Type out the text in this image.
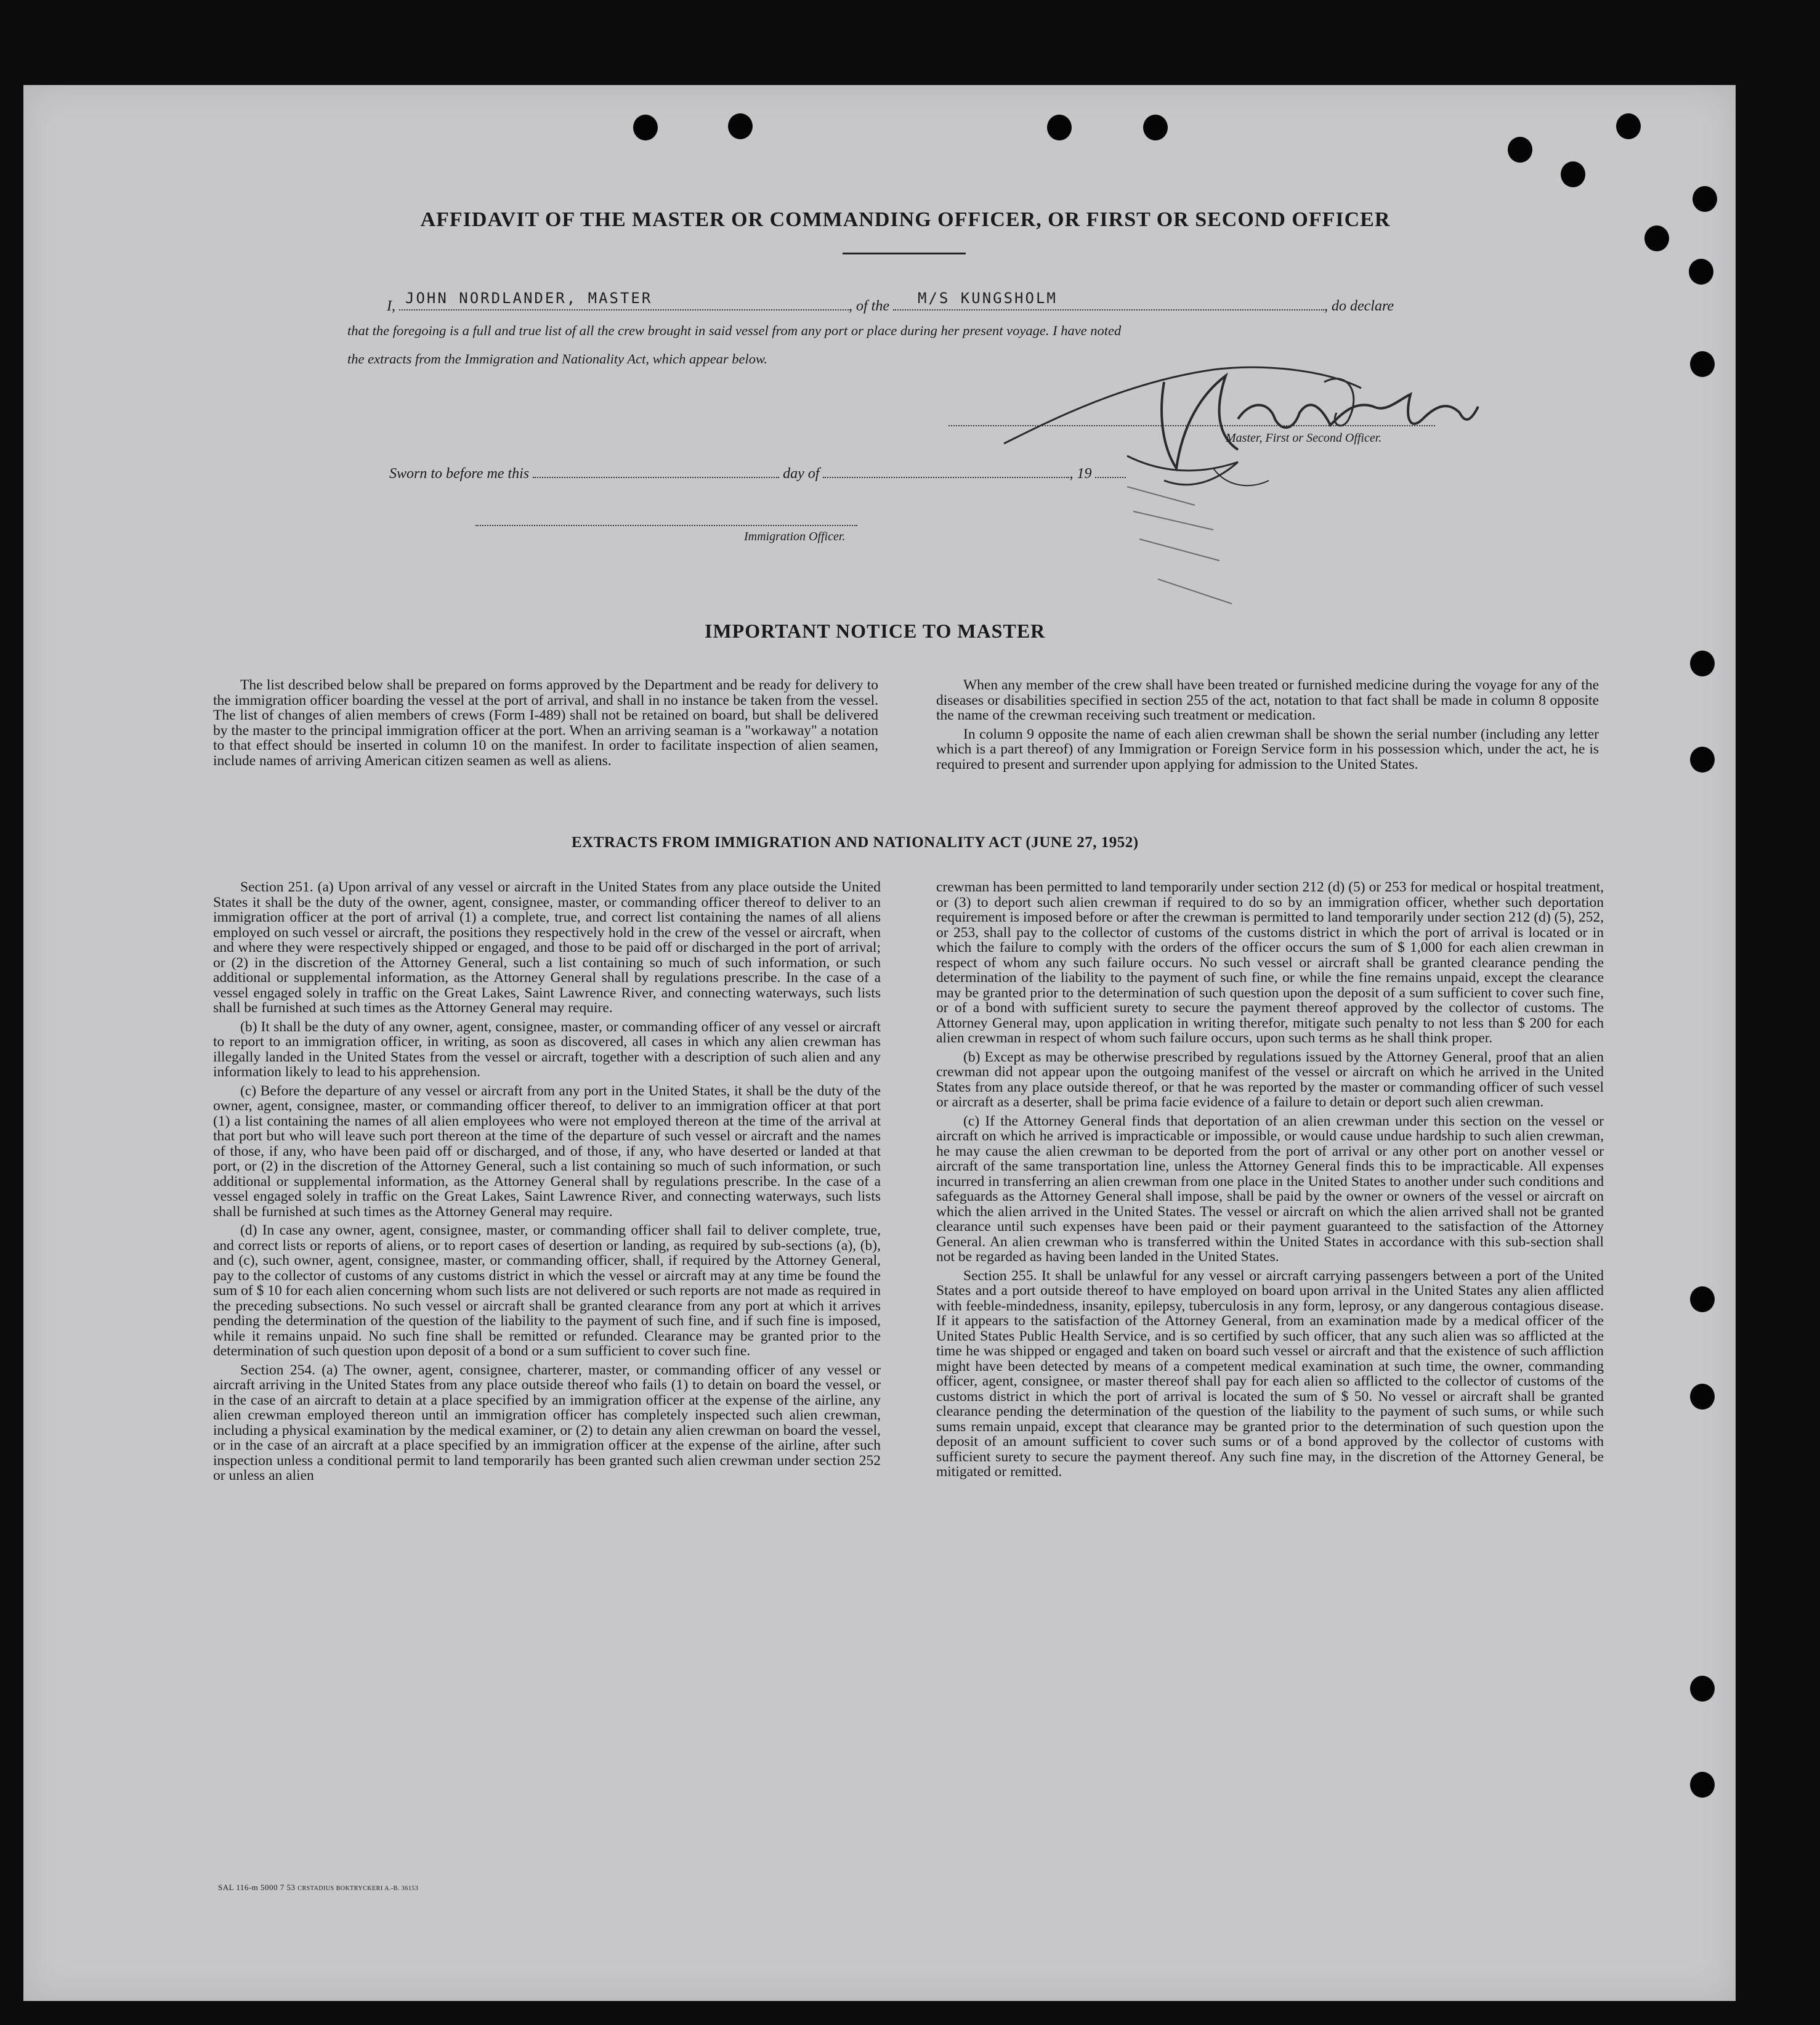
AFFIDAVIT OF THE MASTER OR COMMANDING OFFICER, OR FIRST OR SECOND OFFICER
I, JOHN NORDLANDER, MASTER	, of the M/S KUNGSHOLM	, do declare
that the foregoing is a full and true list of all the crew brought in said vessel from any port or place during her present voyage. I have noted
the extracts from the Immigration and Nationality Act, which appear below.
Master, First or Second Officer.
Sworn to before me this	day of	, 19
Immigration Officer.
IMPORTANT NOTICE TO MASTER

The list described below shall be prepared on forms approved by the Department and be ready for delivery to the immigration officer boarding the vessel at the port of arrival, and shall in no instance be taken from the vessel. The list of changes of alien members of crews (Form I-489) shall not be retained on board, but shall be delivered by the master to the principal immigration officer at the port. When an arriving seaman is a "workaway" a notation to that effect should be inserted in column 10 on the manifest. In order to facilitate inspection of alien seamen, include names of arriving American citizen seamen as well as aliens.

When any member of the crew shall have been treated or furnished medicine during the voyage for any of the diseases or disabilities specified in section 255 of the act, notation to that fact shall be made in column 8 opposite the name of the crewman receiving such treatment or medication.

In column 9 opposite the name of each alien crewman shall be shown the serial number (including any letter which is a part thereof) of any Immigration or Foreign Service form in his possession which, under the act, he is required to present and surrender upon applying for admission to the United States.

EXTRACTS FROM IMMIGRATION AND NATIONALITY ACT (JUNE 27, 1952)

Section 251. (a) Upon arrival of any vessel or aircraft in the United States from any place outside the United States it shall be the duty of the owner, agent, consignee, master, or commanding officer thereof to deliver to an immigration officer at the port of arrival (1) a complete, true, and correct list containing the names of all aliens employed on such vessel or aircraft, the positions they respectively hold in the crew of the vessel or aircraft, when and where they were respectively shipped or engaged, and those to be paid off or discharged in the port of arrival; or (2) in the discretion of the Attorney General, such a list containing so much of such information, or such additional or supplemental information, as the Attorney General shall by regulations prescribe. In the case of a vessel engaged solely in traffic on the Great Lakes, Saint Lawrence River, and connecting waterways, such lists shall be furnished at such times as the Attorney General may require.

(b) It shall be the duty of any owner, agent, consignee, master, or commanding officer of any vessel or aircraft to report to an immigration officer, in writing, as soon as discovered, all cases in which any alien crewman has illegally landed in the United States from the vessel or aircraft, together with a description of such alien and any information likely to lead to his apprehension.

(c) Before the departure of any vessel or aircraft from any port in the United States, it shall be the duty of the owner, agent, consignee, master, or commanding officer thereof, to deliver to an immigration officer at that port (1) a list containing the names of all alien employees who were not employed thereon at the time of the arrival at that port but who will leave such port thereon at the time of the departure of such vessel or aircraft and the names of those, if any, who have been paid off or discharged, and of those, if any, who have deserted or landed at that port, or (2) in the discretion of the Attorney General, such a list containing so much of such information, or such additional or supplemental information, as the Attorney General shall by regulations prescribe. In the case of a vessel engaged solely in traffic on the Great Lakes, Saint Lawrence River, and connecting waterways, such lists shall be furnished at such times as the Attorney General may require.

(d) In case any owner, agent, consignee, master, or commanding officer shall fail to deliver complete, true, and correct lists or reports of aliens, or to report cases of desertion or landing, as required by sub-sections (a), (b), and (c), such owner, agent, consignee, master, or commanding officer, shall, if required by the Attorney General, pay to the collector of customs of any customs district in which the vessel or aircraft may at any time be found the sum of $ 10 for each alien concerning whom such lists are not delivered or such reports are not made as required in the preceding subsections. No such vessel or aircraft shall be granted clearance from any port at which it arrives pending the determination of the question of the liability to the payment of such fine, and if such fine is imposed, while it remains unpaid. No such fine shall be remitted or refunded. Clearance may be granted prior to the determination of such question upon deposit of a bond or a sum sufficient to cover such fine.

Section 254. (a) The owner, agent, consignee, charterer, master, or commanding officer of any vessel or aircraft arriving in the United States from any place outside thereof who fails (1) to detain on board the vessel, or in the case of an aircraft to detain at a place specified by an immigration officer at the expense of the airline, any alien crewman employed thereon until an immigration officer has completely inspected such alien crewman, including a physical examination by the medical examiner, or (2) to detain any alien crewman on board the vessel, or in the case of an aircraft at a place specified by an immigration officer at the expense of the airline, after such inspection unless a conditional permit to land temporarily has been granted such alien crewman under section 252 or unless an alien

crewman has been permitted to land temporarily under section 212 (d) (5) or 253 for medical or hospital treatment, or (3) to deport such alien crewman if required to do so by an immigration officer, whether such deportation requirement is imposed before or after the crewman is permitted to land temporarily under section 212 (d) (5), 252, or 253, shall pay to the collector of customs of the customs district in which the port of arrival is located or in which the failure to comply with the orders of the officer occurs the sum of $ 1,000 for each alien crewman in respect of whom any such failure occurs. No such vessel or aircraft shall be granted clearance pending the determination of the liability to the payment of such fine, or while the fine remains unpaid, except the clearance may be granted prior to the determination of such question upon the deposit of a sum sufficient to cover such fine, or of a bond with sufficient surety to secure the payment thereof approved by the collector of customs. The Attorney General may, upon application in writing therefor, mitigate such penalty to not less than $ 200 for each alien crewman in respect of whom such failure occurs, upon such terms as he shall think proper.

(b) Except as may be otherwise prescribed by regulations issued by the Attorney General, proof that an alien crewman did not appear upon the outgoing manifest of the vessel or aircraft on which he arrived in the United States from any place outside thereof, or that he was reported by the master or commanding officer of such vessel or aircraft as a deserter, shall be prima facie evidence of a failure to detain or deport such alien crewman.

(c) If the Attorney General finds that deportation of an alien crewman under this section on the vessel or aircraft on which he arrived is impracticable or impossible, or would cause undue hardship to such alien crewman, he may cause the alien crewman to be deported from the port of arrival or any other port on another vessel or aircraft of the same transportation line, unless the Attorney General finds this to be impracticable. All expenses incurred in transferring an alien crewman from one place in the United States to another under such conditions and safeguards as the Attorney General shall impose, shall be paid by the owner or owners of the vessel or aircraft on which the alien arrived in the United States. The vessel or aircraft on which the alien arrived shall not be granted clearance until such expenses have been paid or their payment guaranteed to the satisfaction of the Attorney General. An alien crewman who is transferred within the United States in accordance with this sub-section shall not be regarded as having been landed in the United States.

Section 255. It shall be unlawful for any vessel or aircraft carrying passengers between a port of the United States and a port outside thereof to have employed on board upon arrival in the United States any alien afflicted with feeble-mindedness, insanity, epilepsy, tuberculosis in any form, leprosy, or any dangerous contagious disease. If it appears to the satisfaction of the Attorney General, from an examination made by a medical officer of the United States Public Health Service, and is so certified by such officer, that any such alien was so afflicted at the time he was shipped or engaged and taken on board such vessel or aircraft and that the existence of such affliction might have been detected by means of a competent medical examination at such time, the owner, commanding officer, agent, consignee, or master thereof shall pay for each alien so afflicted to the collector of customs of the customs district in which the port of arrival is located the sum of $ 50. No vessel or aircraft shall be granted clearance pending the determination of the question of the liability to the payment of such sums, or while such sums remain unpaid, except that clearance may be granted prior to the determination of such question upon the deposit of an amount sufficient to cover such sums or of a bond approved by the collector of customs with sufficient surety to secure the payment thereof. Any such fine may, in the discretion of the Attorney General, be mitigated or remitted.

SAL 116-m 5000 7 53 CRSTADIUS BOKTRYCKERI A.-B. 36153
